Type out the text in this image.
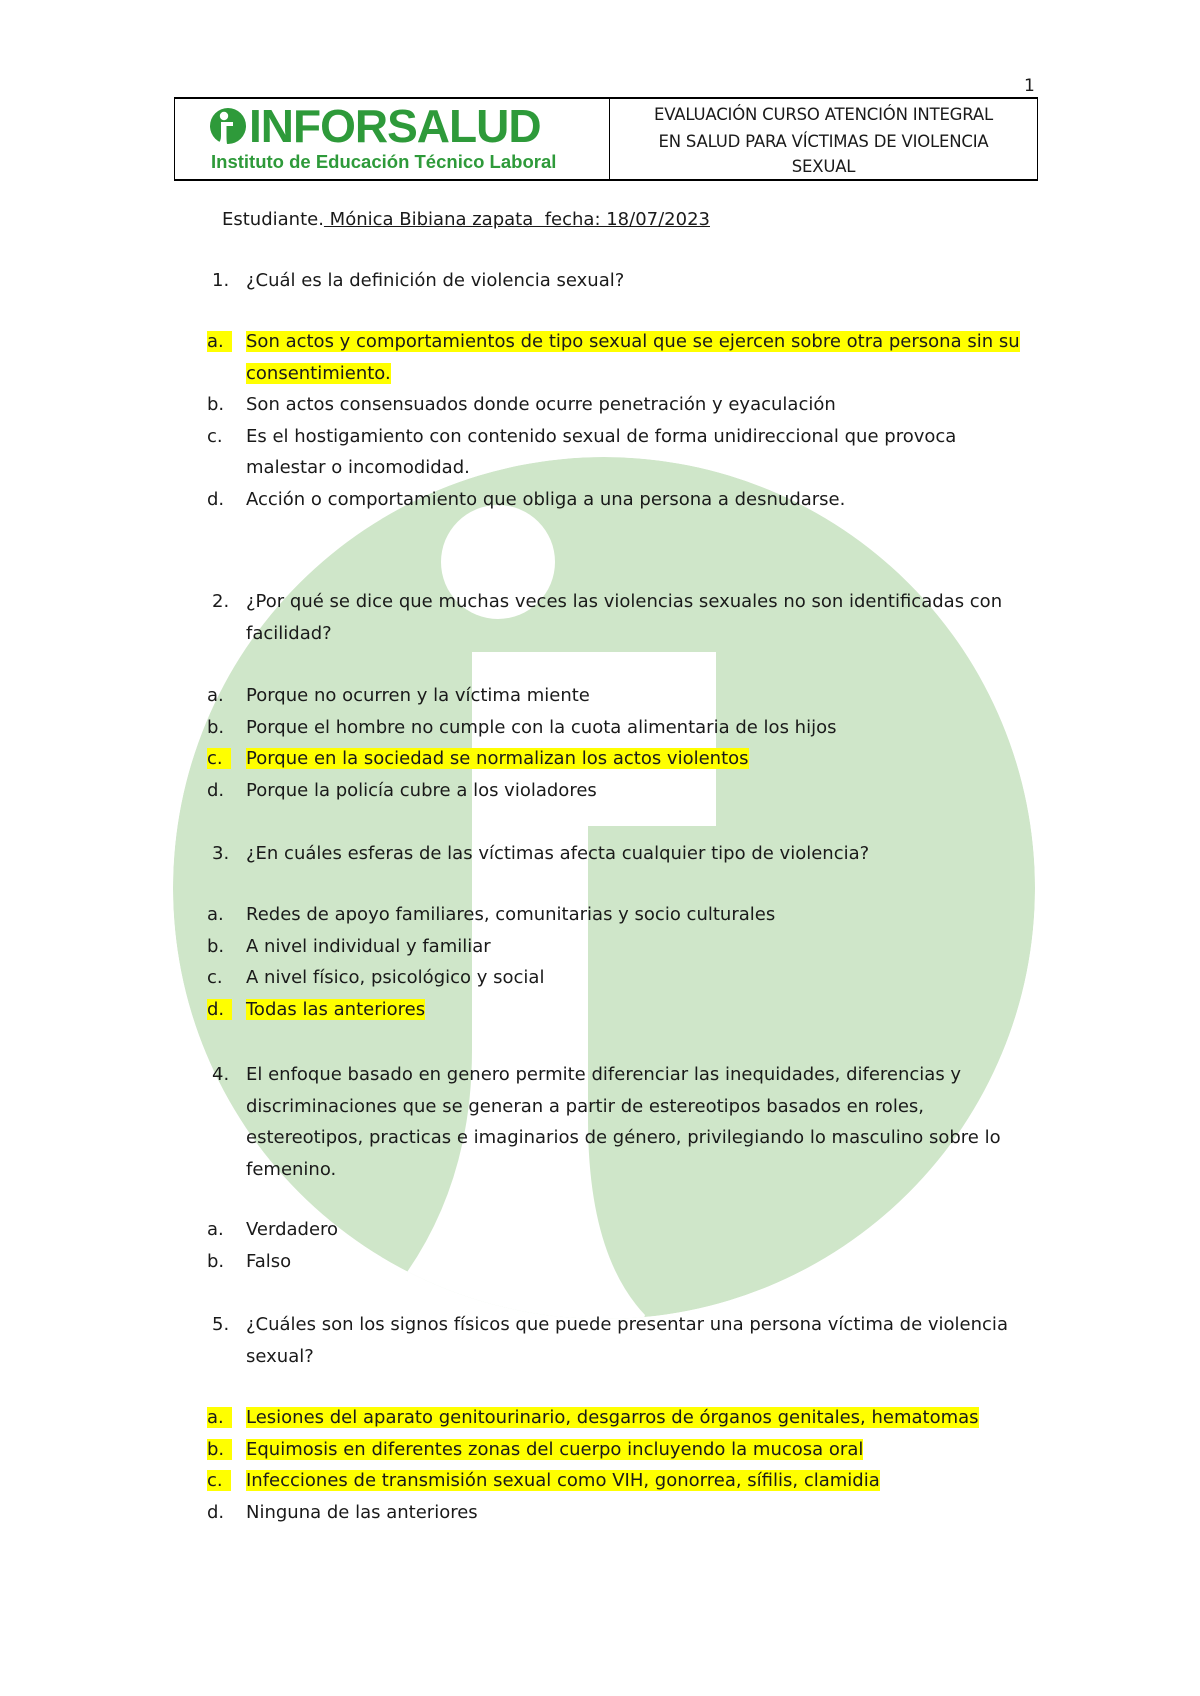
1
INFORSALUD
Instituto de Educación Técnico Laboral
EVALUACIÓN CURSO ATENCIÓN INTEGRAL
EN SALUD PARA VÍCTIMAS DE VIOLENCIA
SEXUAL
Estudiante. Mónica Bibiana zapata  fecha: 18/07/2023
1. ¿Cuál es la definición de violencia sexual?
a.	Son actos y comportamientos de tipo sexual que se ejercen sobre otra persona sin su consentimiento.
b.	Son actos consensuados donde ocurre penetración y eyaculación
c.	Es el hostigamiento con contenido sexual de forma unidireccional que provoca malestar o incomodidad.
d.	Acción o comportamiento que obliga a una persona a desnudarse.
2. ¿Por qué se dice que muchas veces las violencias sexuales no son identificadas con facilidad?
a.	Porque no ocurren y la víctima miente
b.	Porque el hombre no cumple con la cuota alimentaria de los hijos
c.	Porque en la sociedad se normalizan los actos violentos
d.	Porque la policía cubre a los violadores
3. ¿En cuáles esferas de las víctimas afecta cualquier tipo de violencia?
a.	Redes de apoyo familiares, comunitarias y socio culturales
b.	A nivel individual y familiar
c.	A nivel físico, psicológico y social
d.	Todas las anteriores
4. El enfoque basado en genero permite diferenciar las inequidades, diferencias y discriminaciones que se generan a partir de estereotipos basados en roles, estereotipos, practicas e imaginarios de género, privilegiando lo masculino sobre lo femenino.
a.	Verdadero
b.	Falso
5. ¿Cuáles son los signos físicos que puede presentar una persona víctima de violencia sexual?
a.	Lesiones del aparato genitourinario, desgarros de órganos genitales, hematomas
b.	Equimosis en diferentes zonas del cuerpo incluyendo la mucosa oral
c.	Infecciones de transmisión sexual como VIH, gonorrea, sífilis, clamidia
d.	Ninguna de las anteriores
